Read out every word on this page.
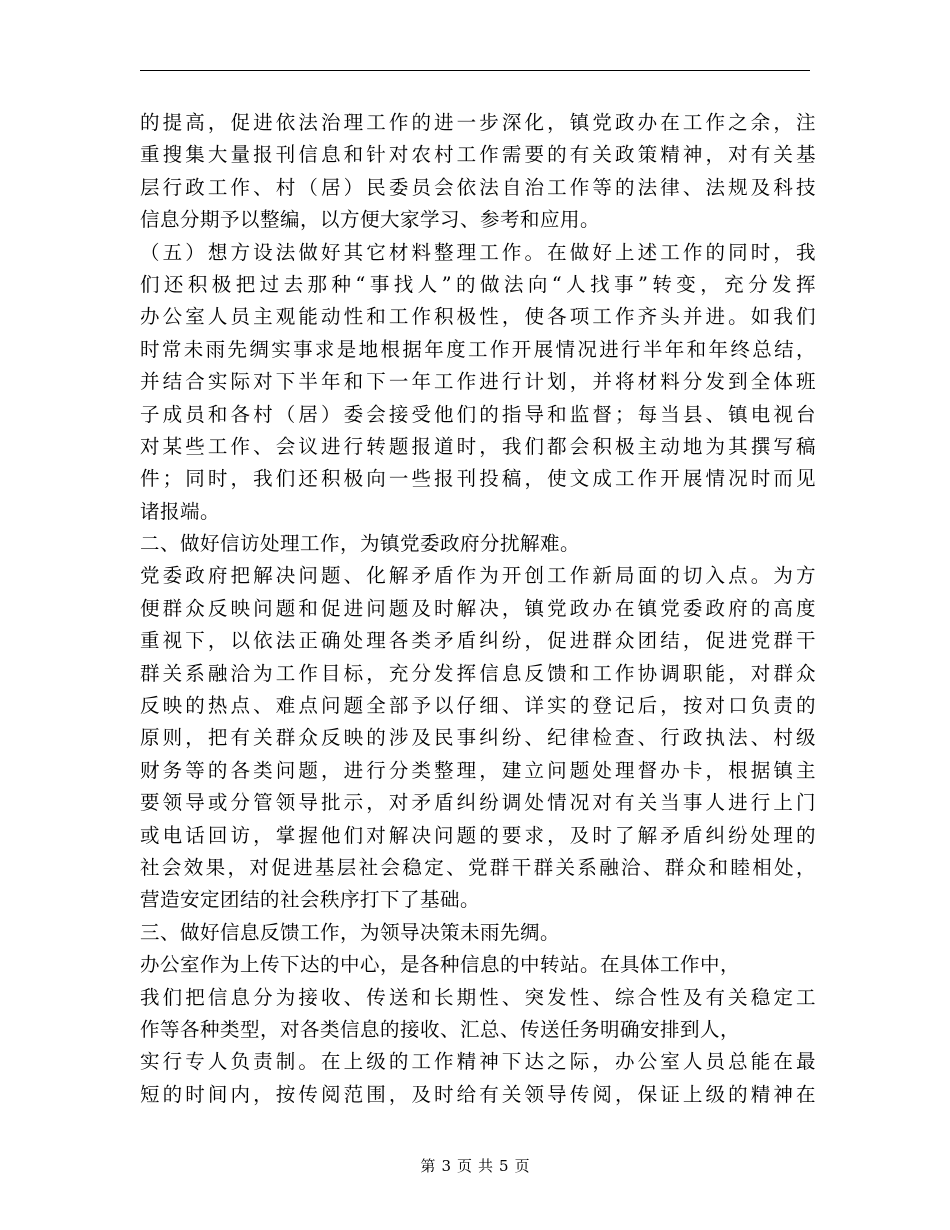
的提高，促进依法治理工作的进一步深化，镇党政办在工作之余，注
重搜集大量报刊信息和针对农村工作需要的有关政策精神，对有关基
层行政工作、村（居）民委员会依法自治工作等的法律、法规及科技
信息分期予以整编，以方便大家学习、参考和应用。
（五）想方设法做好其它材料整理工作。在做好上述工作的同时，我
们还积极把过去那种“事找人”的做法向“人找事”转变，充分发挥
办公室人员主观能动性和工作积极性，使各项工作齐头并进。如我们
时常未雨先绸实事求是地根据年度工作开展情况进行半年和年终总结，
并结合实际对下半年和下一年工作进行计划，并将材料分发到全体班
子成员和各村（居）委会接受他们的指导和监督；每当县、镇电视台
对某些工作、会议进行转题报道时，我们都会积极主动地为其撰写稿
件；同时，我们还积极向一些报刊投稿，使文成工作开展情况时而见
诸报端。
二、做好信访处理工作，为镇党委政府分扰解难。
党委政府把解决问题、化解矛盾作为开创工作新局面的切入点。为方
便群众反映问题和促进问题及时解决，镇党政办在镇党委政府的高度
重视下，以依法正确处理各类矛盾纠纷，促进群众团结，促进党群干
群关系融洽为工作目标，充分发挥信息反馈和工作协调职能，对群众
反映的热点、难点问题全部予以仔细、详实的登记后，按对口负责的
原则，把有关群众反映的涉及民事纠纷、纪律检查、行政执法、村级
财务等的各类问题，进行分类整理，建立问题处理督办卡，根据镇主
要领导或分管领导批示，对矛盾纠纷调处情况对有关当事人进行上门
或电话回访，掌握他们对解决问题的要求，及时了解矛盾纠纷处理的
社会效果，对促进基层社会稳定、党群干群关系融洽、群众和睦相处，
营造安定团结的社会秩序打下了基础。
三、做好信息反馈工作，为领导决策未雨先绸。
办公室作为上传下达的中心，是各种信息的中转站。在具体工作中，
我们把信息分为接收、传送和长期性、突发性、综合性及有关稳定工
作等各种类型，对各类信息的接收、汇总、传送任务明确安排到人，
实行专人负责制。在上级的工作精神下达之际，办公室人员总能在最
短的时间内，按传阅范围，及时给有关领导传阅，保证上级的精神在
第 3 页 共 5 页
